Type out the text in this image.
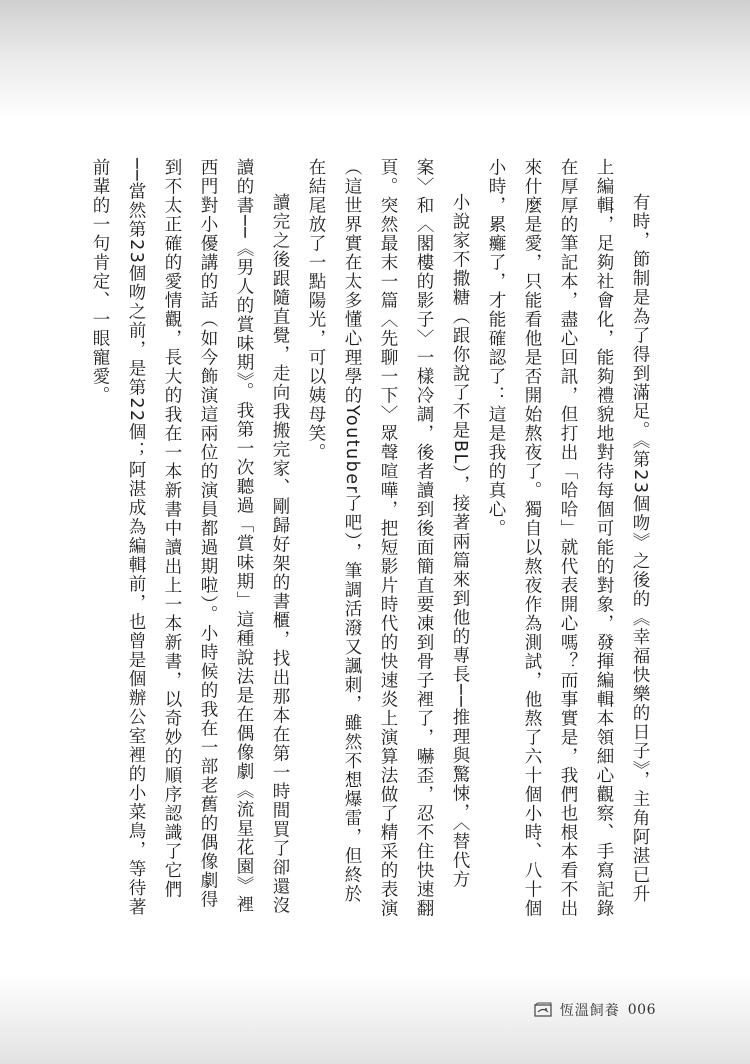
有時，節制是為了得到滿足。《第23個吻》之後的《幸福快樂的日子》，主角阿湛已升上編輯，足夠社會化，能夠禮貌地對待每個可能的對象，發揮編輯本領細心觀察、手寫記錄在厚厚的筆記本，盡心回訊，但打出「哈哈」就代表開心嗎？而事實是，我們也根本看不出來什麼是愛，只能看他是否開始熬夜了。獨自以熬夜作為測試，他熬了六十個小時、八十個小時，累癱了，才能確認了：這是我的真心。

小說家不撒糖（跟你說了不是BL），接著兩篇來到他的專長──推理與驚悚，〈替代方案〉和〈閣樓的影子〉一樣冷調，後者讀到後面簡直要凍到骨子裡了，嚇歪，忍不住快速翻頁。突然最末一篇〈先聊一下〉眾聲喧嘩，把短影片時代的快速炎上演算法做了精采的表演（這世界實在太多懂心理學的Youtuber了吧），筆調活潑又諷刺，雖然不想爆雷，但終於在結尾放了一點陽光，可以姨母笑。

讀完之後跟隨直覺，走向我搬完家、剛歸好架的書櫃，找出那本在第一時間買了卻還沒讀的書──《男人的賞味期》。我第一次聽過「賞味期」這種說法是在偶像劇《流星花園》裡西門對小優講的話（如今飾演這兩位的演員都過期啦）。小時候的我在一部老舊的偶像劇得到不太正確的愛情觀，長大的我在一本新書中讀出上一本新書，以奇妙的順序認識了它們──當然第23個吻之前，是第22個；阿湛成為編輯前，也曾是個辦公室裡的小菜鳥，等待著前輩的一句肯定、一眼寵愛。

恆溫飼養 006
